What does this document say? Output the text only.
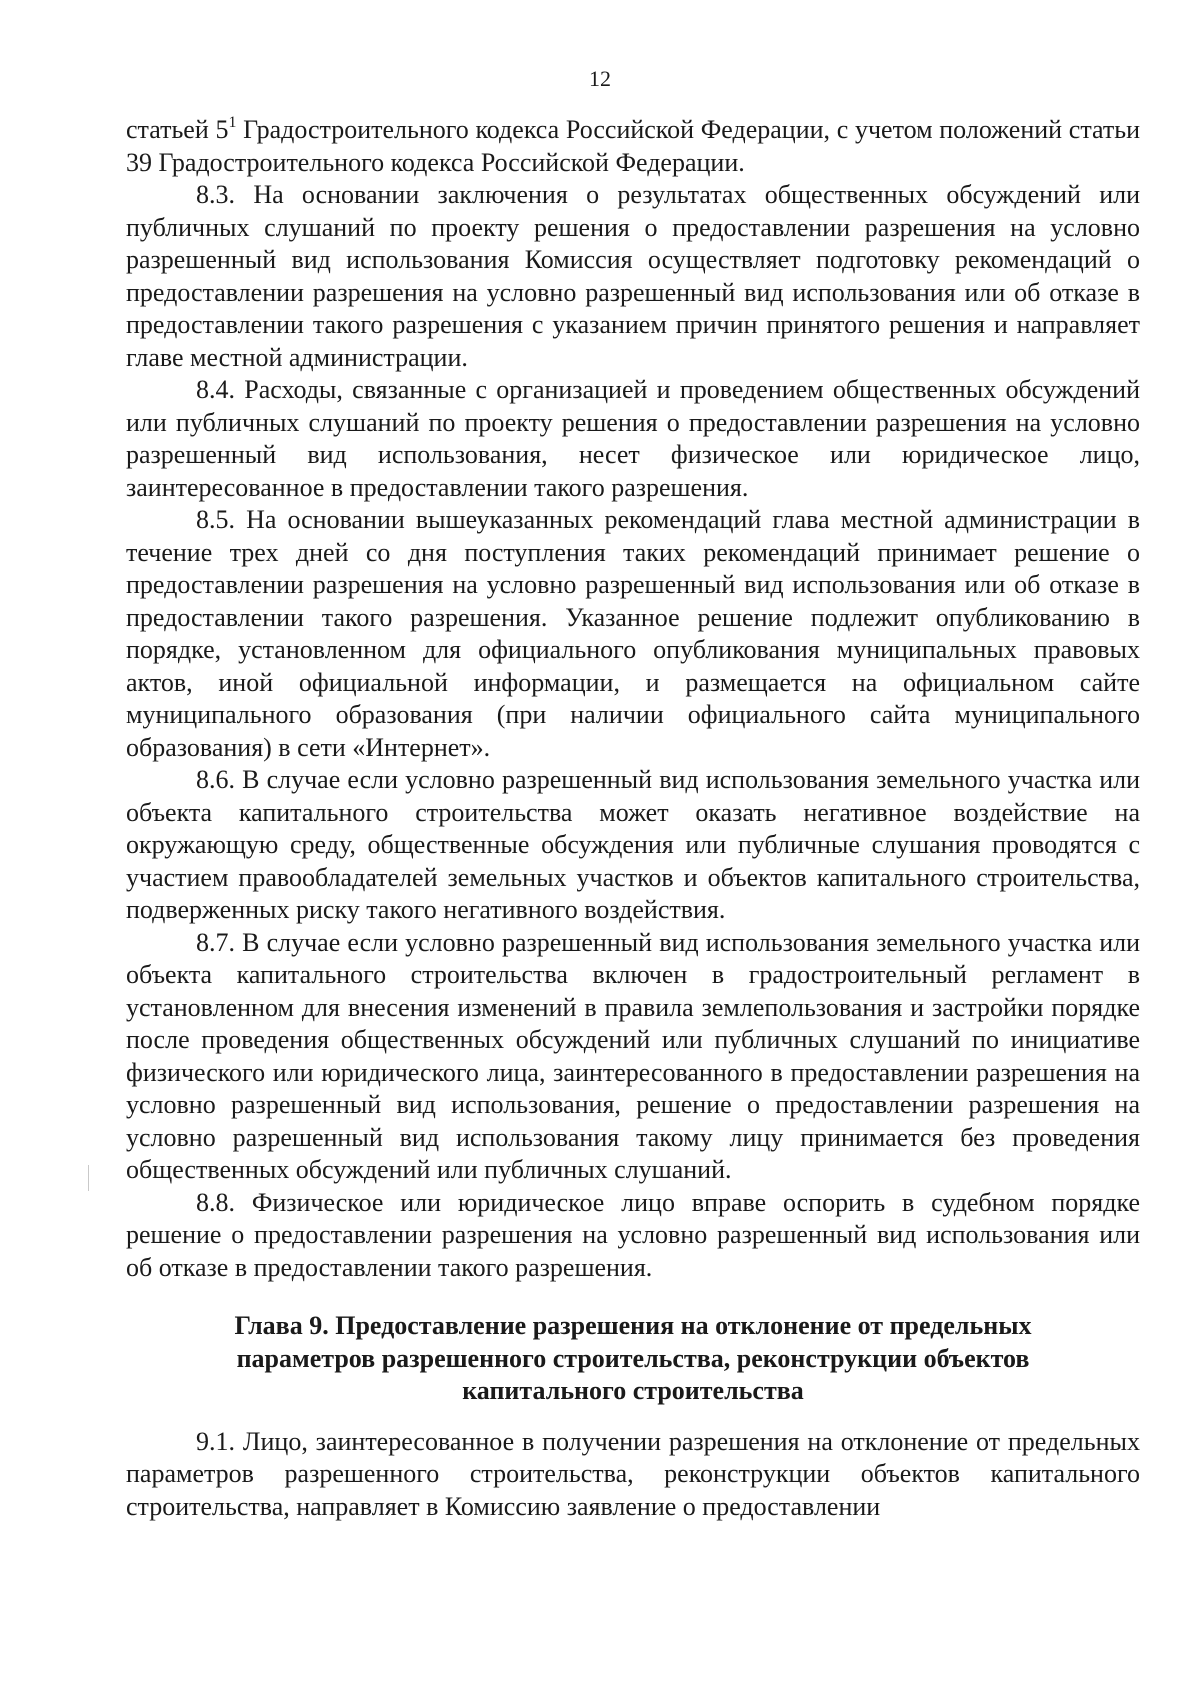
12

статьей $5^1$ Градостроительного кодекса Российской Федерации, с учетом положений статьи 39 Градостроительного кодекса Российской Федерации.

8.3. На основании заключения о результатах общественных обсуждений или публичных слушаний по проекту решения о предоставлении разрешения на условно разрешенный вид использования Комиссия осуществляет подготовку рекомендаций о предоставлении разрешения на условно разрешенный вид использования или об отказе в предоставлении такого разрешения с указанием причин принятого решения и направляет главе местной администрации.

8.4. Расходы, связанные с организацией и проведением общественных обсуждений или публичных слушаний по проекту решения о предоставлении разрешения на условно разрешенный вид использования, несет физическое или юридическое лицо, заинтересованное в предоставлении такого разрешения.

8.5. На основании вышеуказанных рекомендаций глава местной администрации в течение трех дней со дня поступления таких рекомендаций принимает решение о предоставлении разрешения на условно разрешенный вид использования или об отказе в предоставлении такого разрешения. Указанное решение подлежит опубликованию в порядке, установленном для официального опубликования муниципальных правовых актов, иной официальной информации, и размещается на официальном сайте муниципального образования (при наличии официального сайта муниципального образования) в сети «Интернет».

8.6. В случае если условно разрешенный вид использования земельного участка или объекта капитального строительства может оказать негативное воздействие на окружающую среду, общественные обсуждения или публичные слушания проводятся с участием правообладателей земельных участков и объектов капитального строительства, подверженных риску такого негативного воздействия.

8.7. В случае если условно разрешенный вид использования земельного участка или объекта капитального строительства включен в градостроительный регламент в установленном для внесения изменений в правила землепользования и застройки порядке после проведения общественных обсуждений или публичных слушаний по инициативе физического или юридического лица, заинтересованного в предоставлении разрешения на условно разрешенный вид использования, решение о предоставлении разрешения на условно разрешенный вид использования такому лицу принимается без проведения общественных обсуждений или публичных слушаний.

8.8. Физическое или юридическое лицо вправе оспорить в судебном порядке решение о предоставлении разрешения на условно разрешенный вид использования или об отказе в предоставлении такого разрешения.

Глава 9. Предоставление разрешения на отклонение от предельных
параметров разрешенного строительства, реконструкции объектов
капитального строительства

9.1. Лицо, заинтересованное в получении разрешения на отклонение от предельных параметров разрешенного строительства, реконструкции объектов капитального строительства, направляет в Комиссию заявление о предоставлении
